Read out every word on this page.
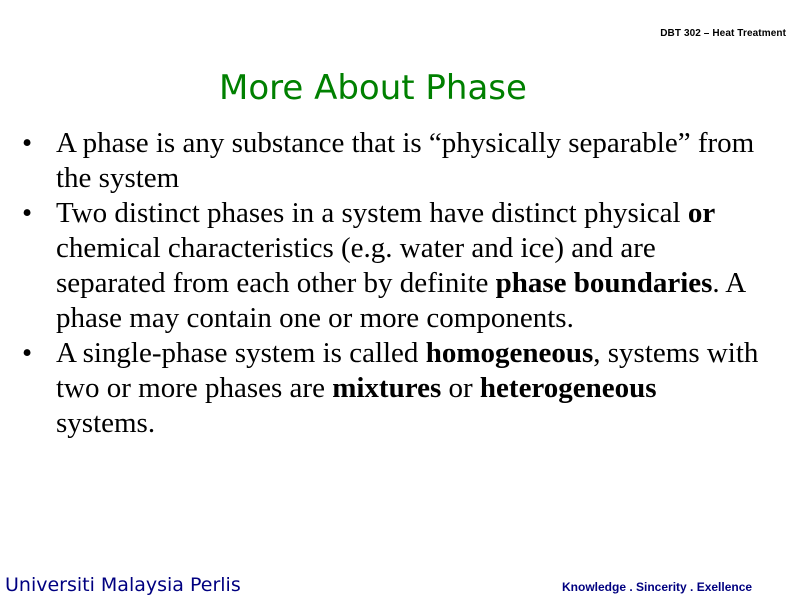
DBT 302 – Heat Treatment
More About Phase
• A phase is any substance that is “physically separable” from the system
• Two distinct phases in a system have distinct physical or chemical characteristics (e.g. water and ice) and are separated from each other by definite phase boundaries. A phase may contain one or more components.
• A single-phase system is called homogeneous, systems with two or more phases are mixtures or heterogeneous systems.
Universiti Malaysia Perlis	Knowledge . Sincerity . Exellence
